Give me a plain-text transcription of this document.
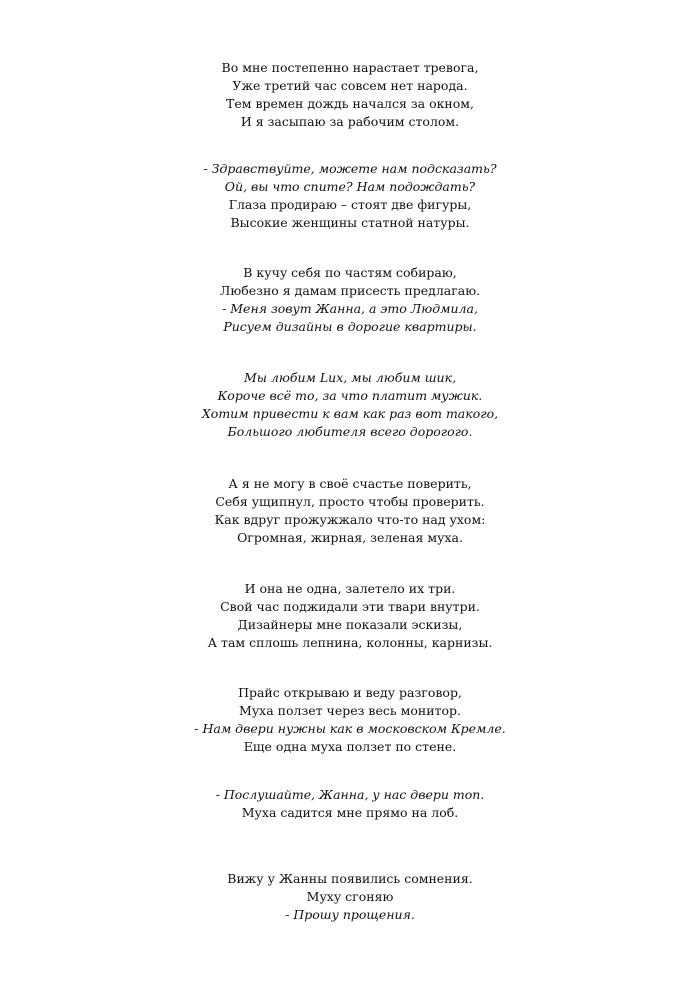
Во мне постепенно нарастает тревога,
Уже третий час совсем нет народа.
Тем времен дождь начался за окном,
И я засыпаю за рабочим столом.
- Здравствуйте, можете нам подсказать?
Ой, вы что спите? Нам подождать?
Глаза продираю – стоят две фигуры,
Высокие женщины статной натуры.
В кучу себя по частям собираю,
Любезно я дамам присесть предлагаю.
- Меня зовут Жанна, а это Людмила,
Рисуем дизайны в дорогие квартиры.
Мы любим Lux, мы любим шик,
Короче всё то, за что платит мужик.
Хотим привести к вам как раз вот такого,
Большого любителя всего дорогого.
А я не могу в своё счастье поверить,
Себя ущипнул, просто чтобы проверить.
Как вдруг прожужжало что-то над ухом:
Огромная, жирная, зеленая муха.
И она не одна, залетело их три.
Свой час поджидали эти твари внутри.
Дизайнеры мне показали эскизы,
А там сплошь лепнина, колонны, карнизы.
Прайс открываю и веду разговор,
Муха ползет через весь монитор.
- Нам двери нужны как в московском Кремле.
Еще одна муха ползет по стене.
- Послушайте, Жанна, у нас двери топ.
Муха садится мне прямо на лоб.
Вижу у Жанны появились сомнения.
Муху сгоняю
- Прошу прощения.
